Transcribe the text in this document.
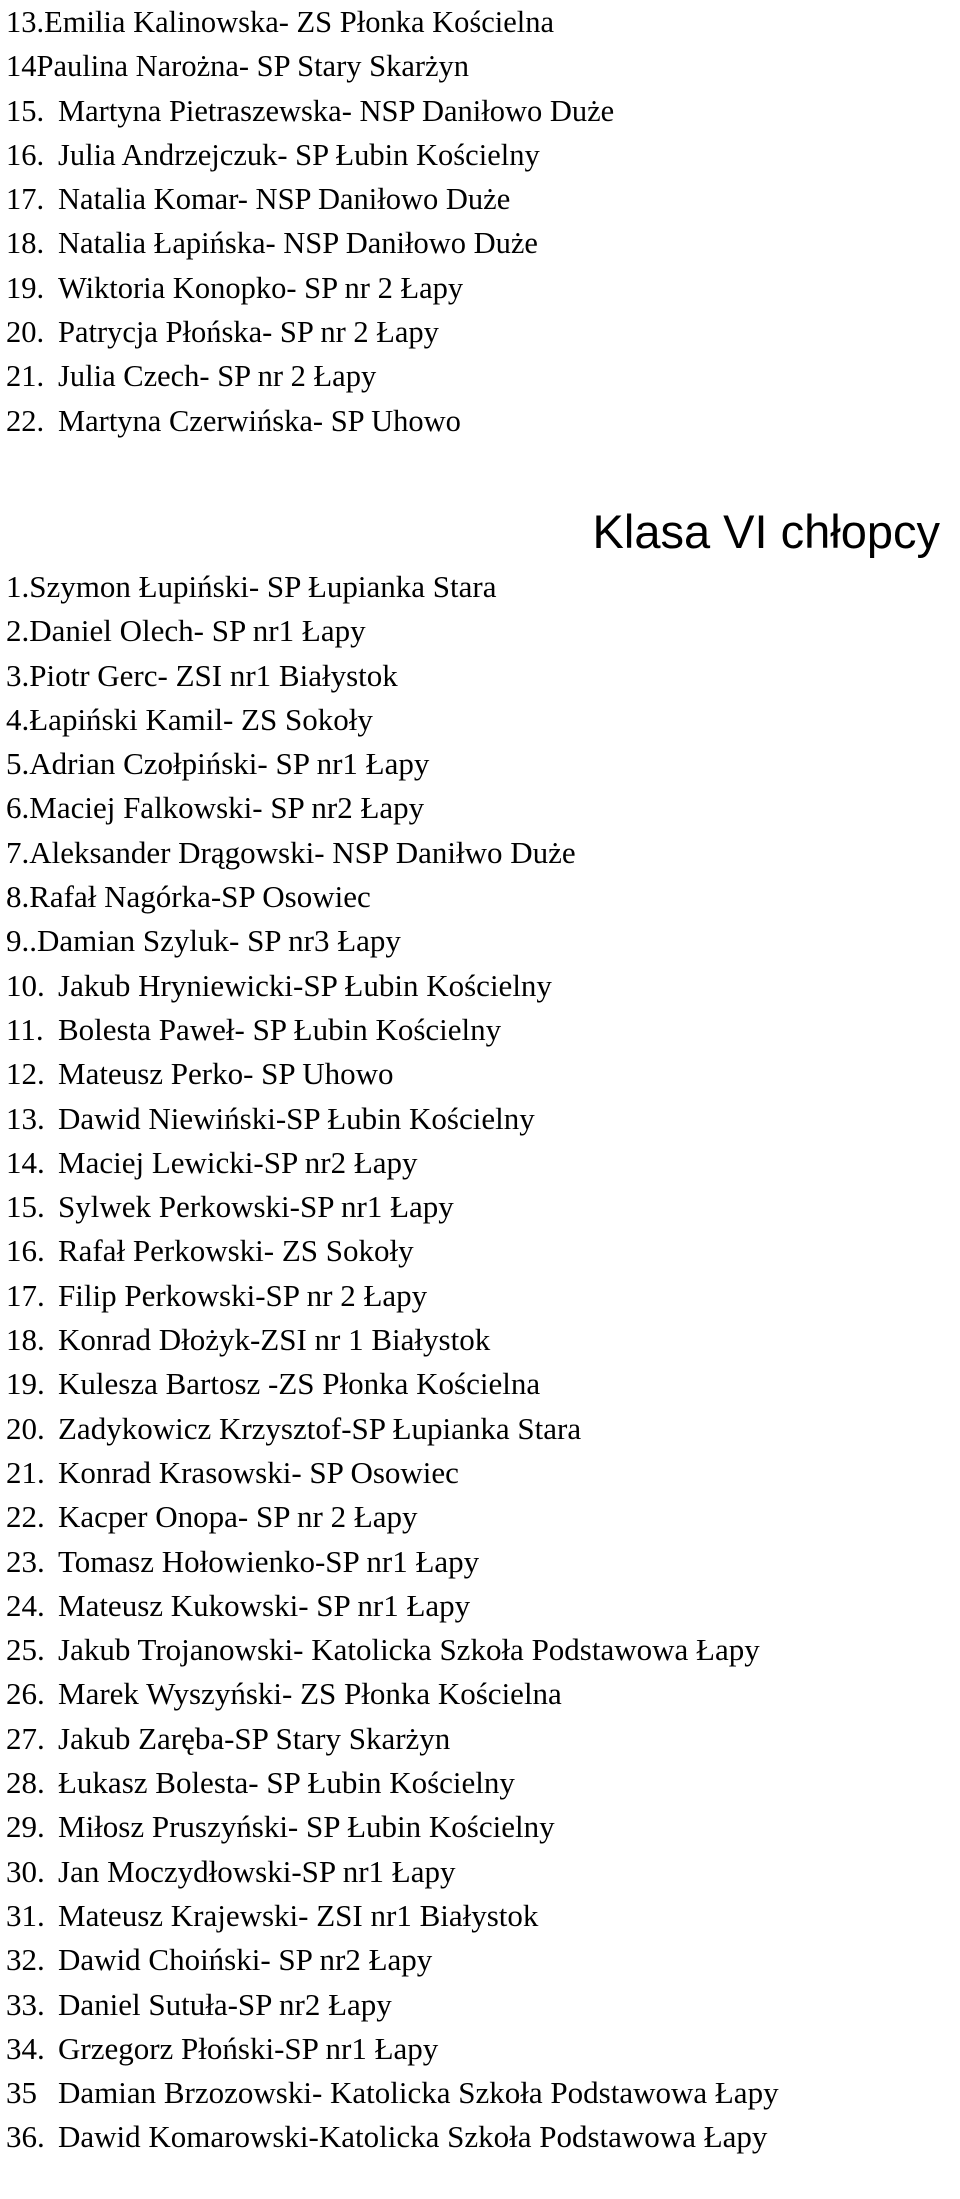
13. Emilia Kalinowska- ZS Płonka Kościelna
14 Paulina Narożna- SP Stary Skarżyn
15. Martyna Pietraszewska- NSP Daniłowo Duże
16. Julia Andrzejczuk- SP Łubin Kościelny
17. Natalia Komar- NSP Daniłowo Duże
18. Natalia Łapińska- NSP Daniłowo Duże
19. Wiktoria Konopko- SP nr 2 Łapy
20. Patrycja Płońska- SP nr 2 Łapy
21. Julia Czech- SP nr 2 Łapy
22. Martyna Czerwińska- SP Uhowo
Klasa VI chłopcy
1. Szymon Łupiński- SP Łupianka Stara
2. Daniel Olech- SP nr1 Łapy
3. Piotr Gerc- ZSI nr1 Białystok
4. Łapiński Kamil- ZS Sokoły
5. Adrian Czołpiński- SP nr1 Łapy
6. Maciej Falkowski- SP nr2 Łapy
7. Aleksander Drągowski- NSP Daniłwo Duże
8. Rafał Nagórka-SP Osowiec
9.. Damian Szyluk- SP nr3 Łapy
10. Jakub Hryniewicki-SP Łubin Kościelny
11. Bolesta Paweł- SP Łubin Kościelny
12. Mateusz Perko- SP Uhowo
13. Dawid Niewiński-SP Łubin Kościelny
14. Maciej Lewicki-SP nr2 Łapy
15. Sylwek Perkowski-SP nr1 Łapy
16. Rafał Perkowski- ZS Sokoły
17. Filip Perkowski-SP nr 2 Łapy
18. Konrad Dłożyk-ZSI nr 1 Białystok
19. Kulesza Bartosz -ZS Płonka Kościelna
20. Zadykowicz Krzysztof-SP Łupianka Stara
21. Konrad Krasowski- SP Osowiec
22. Kacper Onopa- SP nr 2 Łapy
23. Tomasz Hołowienko-SP nr1 Łapy
24. Mateusz Kukowski- SP nr1 Łapy
25. Jakub Trojanowski- Katolicka Szkoła Podstawowa Łapy
26. Marek Wyszyński- ZS Płonka Kościelna
27. Jakub Zaręba-SP Stary Skarżyn
28. Łukasz Bolesta- SP Łubin Kościelny
29. Miłosz Pruszyński- SP Łubin Kościelny
30. Jan Moczydłowski-SP nr1 Łapy
31. Mateusz Krajewski- ZSI nr1 Białystok
32. Dawid Choiński- SP nr2 Łapy
33. Daniel Sutuła-SP nr2 Łapy
34. Grzegorz Płoński-SP nr1 Łapy
35 Damian Brzozowski- Katolicka Szkoła Podstawowa Łapy
36. Dawid Komarowski-Katolicka Szkoła Podstawowa Łapy
